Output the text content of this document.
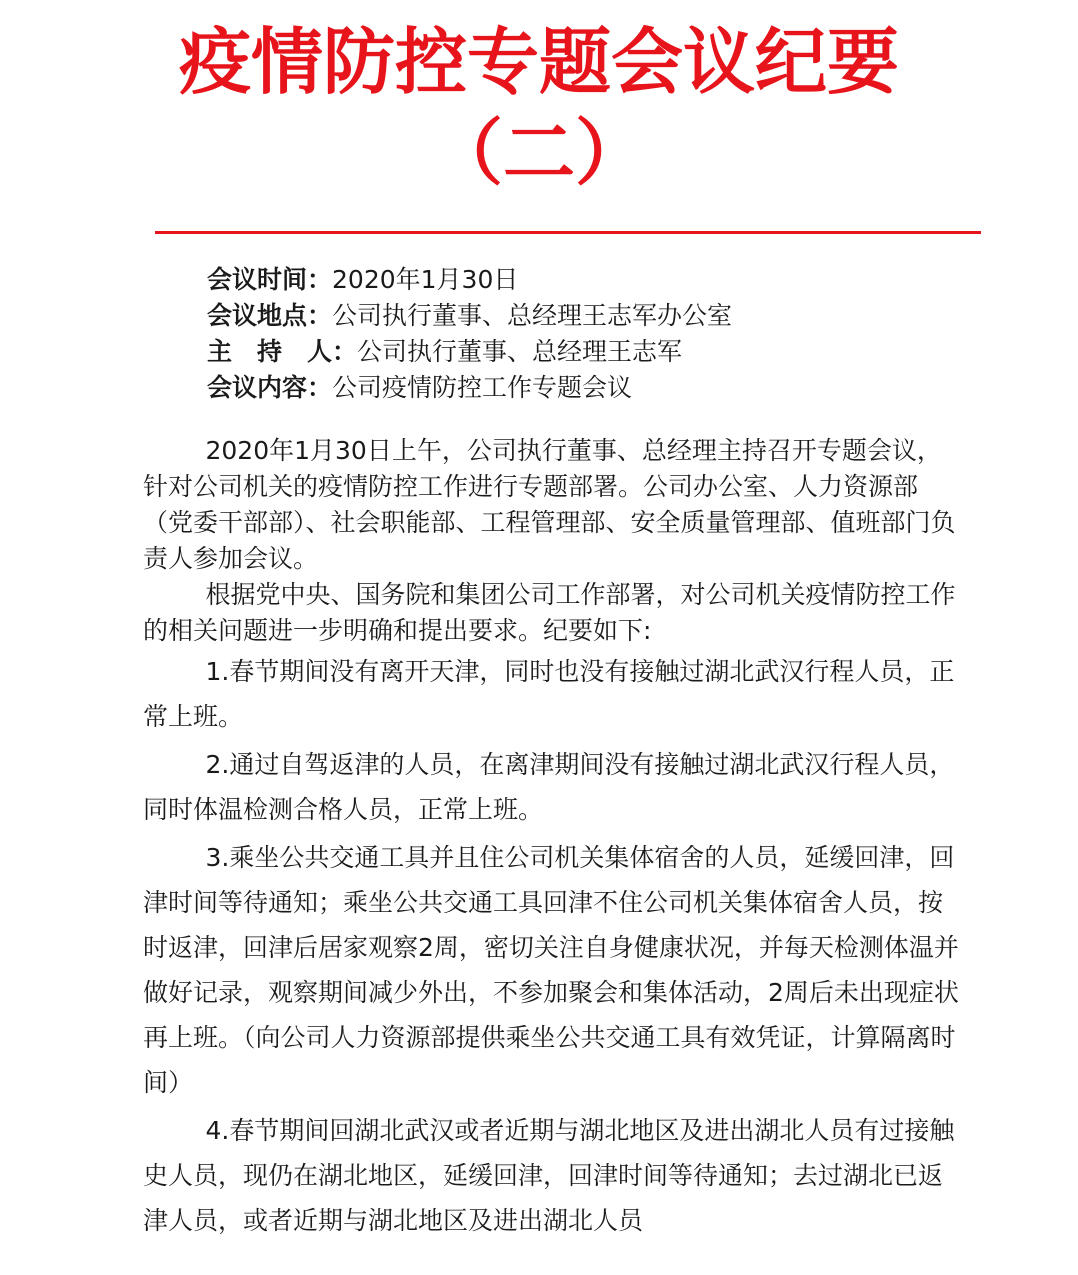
疫情防控专题会议纪要
（二）
会议时间：2020年1月30日
会议地点：公司执行董事、总经理王志军办公室
主　持　人：公司执行董事、总经理王志军
会议内容：公司疫情防控工作专题会议

2020年1月30日上午，公司执行董事、总经理主持召开专题会议，针对公司机关的疫情防控工作进行专题部署。公司办公室、人力资源部（党委干部部）、社会职能部、工程管理部、安全质量管理部、值班部门负责人参加会议。

根据党中央、国务院和集团公司工作部署，对公司机关疫情防控工作的相关问题进一步明确和提出要求。纪要如下:

1.春节期间没有离开天津，同时也没有接触过湖北武汉行程人员，正常上班。

2.通过自驾返津的人员，在离津期间没有接触过湖北武汉行程人员，同时体温检测合格人员，正常上班。

3.乘坐公共交通工具并且住公司机关集体宿舍的人员，延缓回津，回津时间等待通知；乘坐公共交通工具回津不住公司机关集体宿舍人员，按时返津，回津后居家观察2周，密切关注自身健康状况，并每天检测体温并做好记录，观察期间减少外出，不参加聚会和集体活动，2周后未出现症状再上班。（向公司人力资源部提供乘坐公共交通工具有效凭证，计算隔离时间）

4.春节期间回湖北武汉或者近期与湖北地区及进出湖北人员有过接触史人员，现仍在湖北地区，延缓回津，回津时间等待通知；去过湖北已返津人员，或者近期与湖北地区及进出湖北人员
